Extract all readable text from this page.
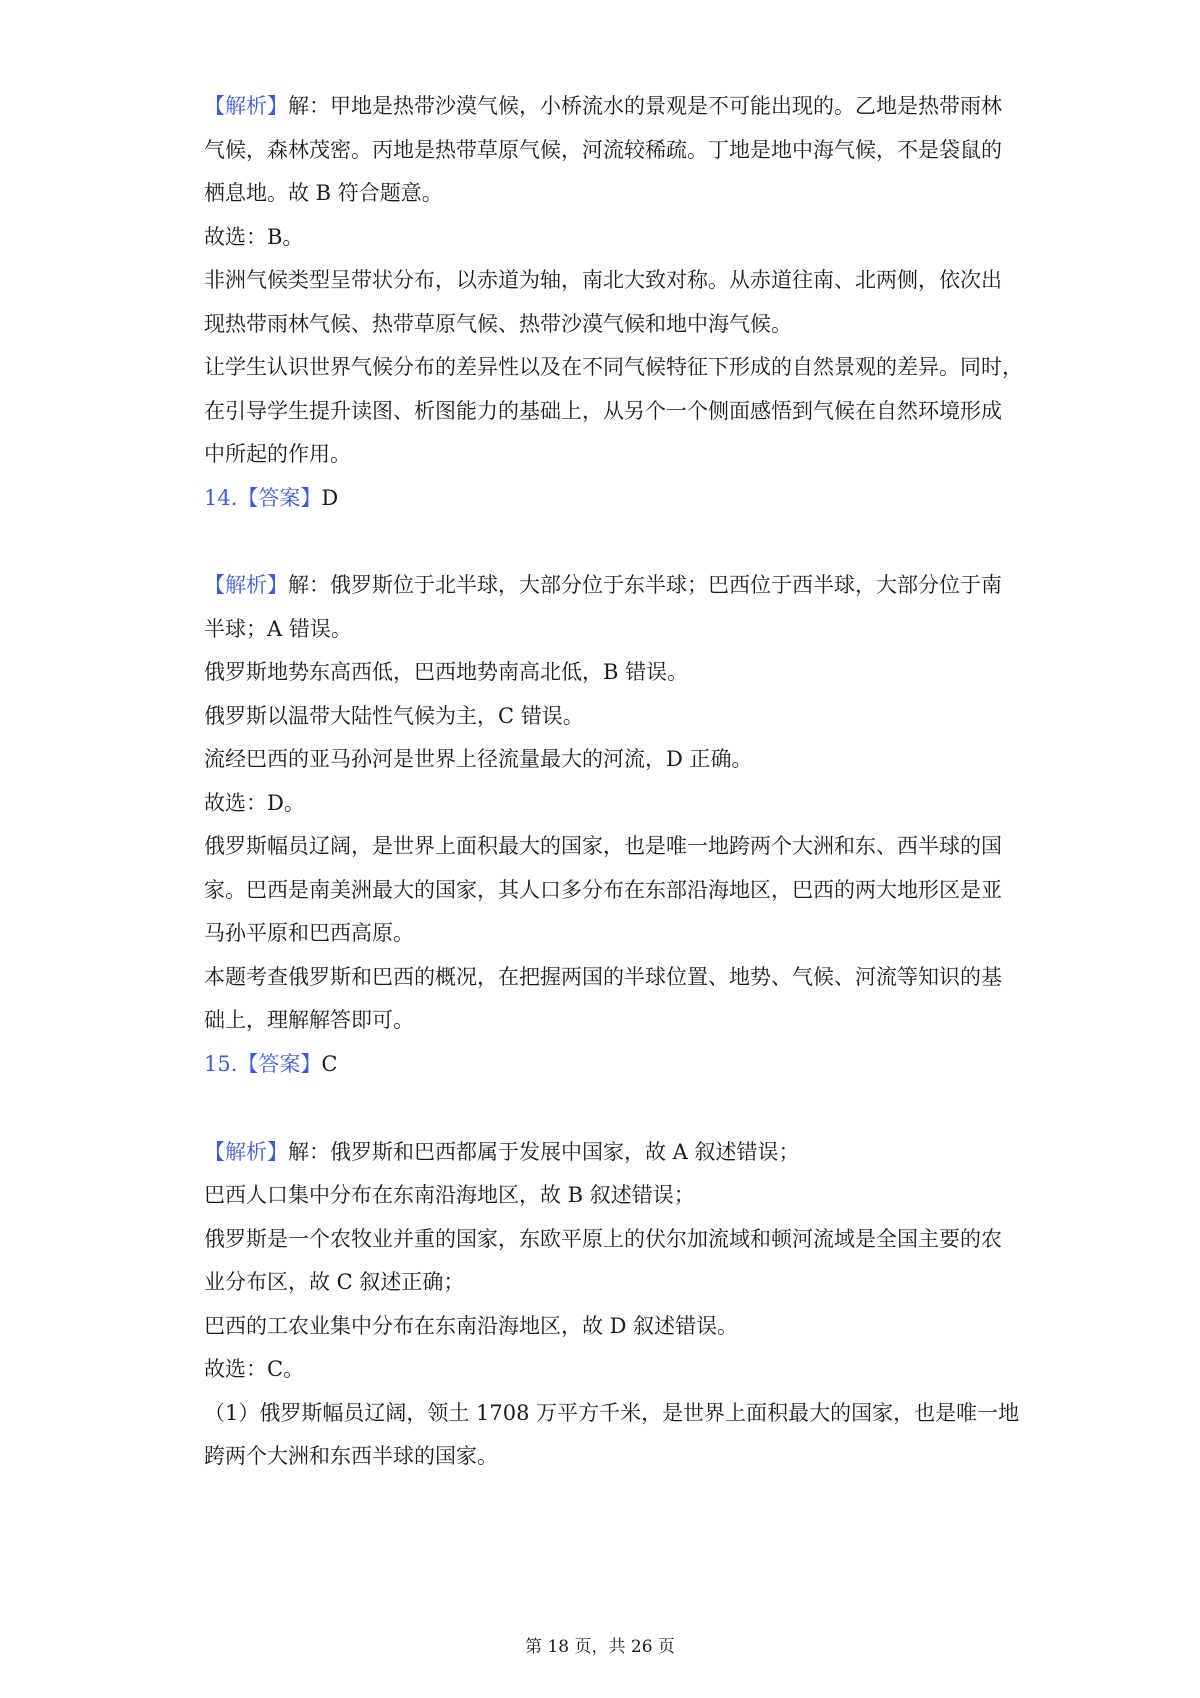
【解析】解：甲地是热带沙漠气候，小桥流水的景观是不可能出现的。乙地是热带雨林
气候，森林茂密。丙地是热带草原气候，河流较稀疏。丁地是地中海气候，不是袋鼠的
栖息地。故 B 符合题意。
故选：B。
非洲气候类型呈带状分布，以赤道为轴，南北大致对称。从赤道往南、北两侧，依次出
现热带雨林气候、热带草原气候、热带沙漠气候和地中海气候。
让学生认识世界气候分布的差异性以及在不同气候特征下形成的自然景观的差异。同时，
在引导学生提升读图、析图能力的基础上，从另个一个侧面感悟到气候在自然环境形成
中所起的作用。
14.【答案】D
【解析】解：俄罗斯位于北半球，大部分位于东半球；巴西位于西半球，大部分位于南
半球；A 错误。
俄罗斯地势东高西低，巴西地势南高北低，B 错误。
俄罗斯以温带大陆性气候为主，C 错误。
流经巴西的亚马孙河是世界上径流量最大的河流，D 正确。
故选：D。
俄罗斯幅员辽阔，是世界上面积最大的国家，也是唯一地跨两个大洲和东、西半球的国
家。巴西是南美洲最大的国家，其人口多分布在东部沿海地区，巴西的两大地形区是亚
马孙平原和巴西高原。
本题考查俄罗斯和巴西的概况，在把握两国的半球位置、地势、气候、河流等知识的基
础上，理解解答即可。
15.【答案】C
【解析】解：俄罗斯和巴西都属于发展中国家，故 A 叙述错误；
巴西人口集中分布在东南沿海地区，故 B 叙述错误；
俄罗斯是一个农牧业并重的国家，东欧平原上的伏尔加流域和顿河流域是全国主要的农
业分布区，故 C 叙述正确；
巴西的工农业集中分布在东南沿海地区，故 D 叙述错误。
故选：C。
（1）俄罗斯幅员辽阔，领土 1708 万平方千米，是世界上面积最大的国家，也是唯一地
跨两个大洲和东西半球的国家。
第 18 页，共 26 页
